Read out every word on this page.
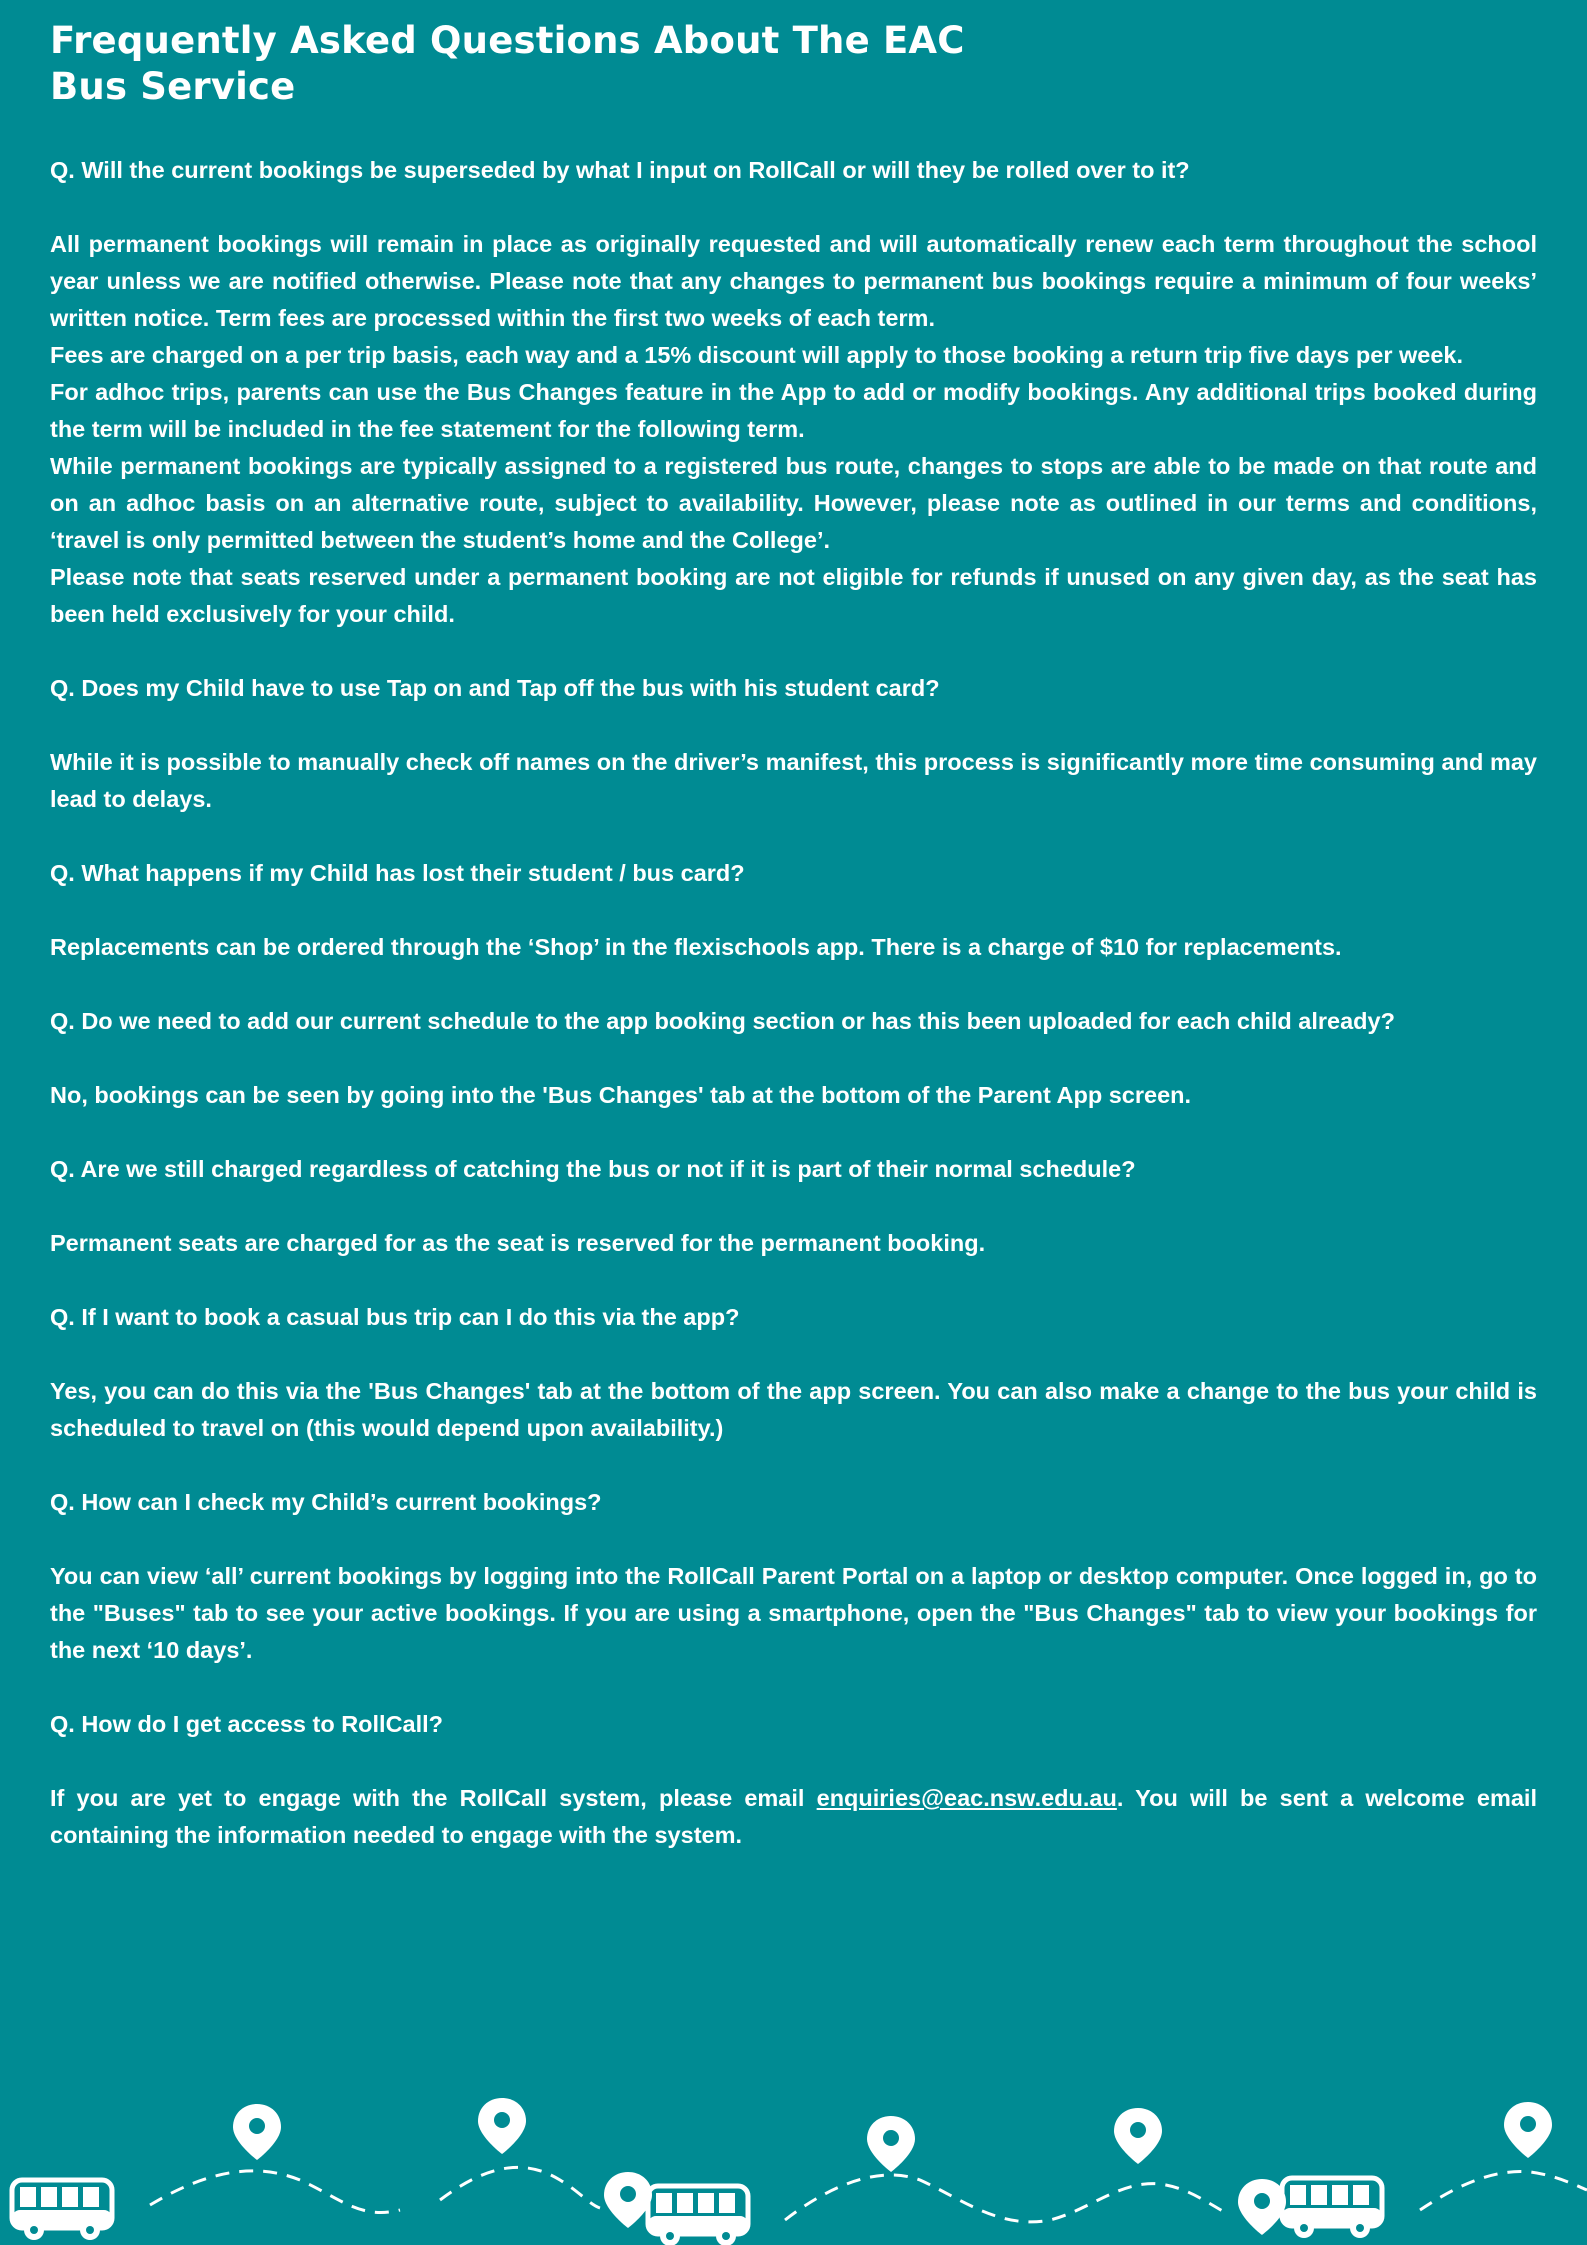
Frequently Asked Questions About The EAC Bus Service
Q. Will the current bookings be superseded by what I input on RollCall or will they be rolled over to it?

All permanent bookings will remain in place as originally requested and will automatically renew each term throughout the school year unless we are notified otherwise. Please note that any changes to permanent bus bookings require a minimum of four weeks’ written notice. Term fees are processed within the first two weeks of each term.

Fees are charged on a per trip basis, each way and a 15% discount will apply to those booking a return trip five days per week.

For adhoc trips, parents can use the Bus Changes feature in the App to add or modify bookings. Any additional trips booked during the term will be included in the fee statement for the following term.

While permanent bookings are typically assigned to a registered bus route, changes to stops are able to be made on that route and on an adhoc basis on an alternative route, subject to availability. However, please note as outlined in our terms and conditions, ‘travel is only permitted between the student’s home and the College’.

Please note that seats reserved under a permanent booking are not eligible for refunds if unused on any given day, as the seat has been held exclusively for your child.

Q. Does my Child have to use Tap on and Tap off the bus with his student card?

While it is possible to manually check off names on the driver’s manifest, this process is significantly more time consuming and may lead to delays.

Q. What happens if my Child has lost their student / bus card?

Replacements can be ordered through the ‘Shop’ in the flexischools app. There is a charge of $10 for replacements.

Q. Do we need to add our current schedule to the app booking section or has this been uploaded for each child already?

No, bookings can be seen by going into the 'Bus Changes' tab at the bottom of the Parent App screen.

Q. Are we still charged regardless of catching the bus or not if it is part of their normal schedule?

Permanent seats are charged for as the seat is reserved for the permanent booking.

Q. If I want to book a casual bus trip can I do this via the app?

Yes, you can do this via the 'Bus Changes' tab at the bottom of the app screen. You can also make a change to the bus your child is scheduled to travel on (this would depend upon availability.)

Q. How can I check my Child’s current bookings?

You can view ‘all’ current bookings by logging into the RollCall Parent Portal on a laptop or desktop computer. Once logged in, go to the "Buses" tab to see your active bookings. If you are using a smartphone, open the "Bus Changes" tab to view your bookings for the next ‘10 days’.

Q. How do I get access to RollCall?

If you are yet to engage with the RollCall system, please email enquiries@eac.nsw.edu.au. You will be sent a welcome email containing the information needed to engage with the system.
